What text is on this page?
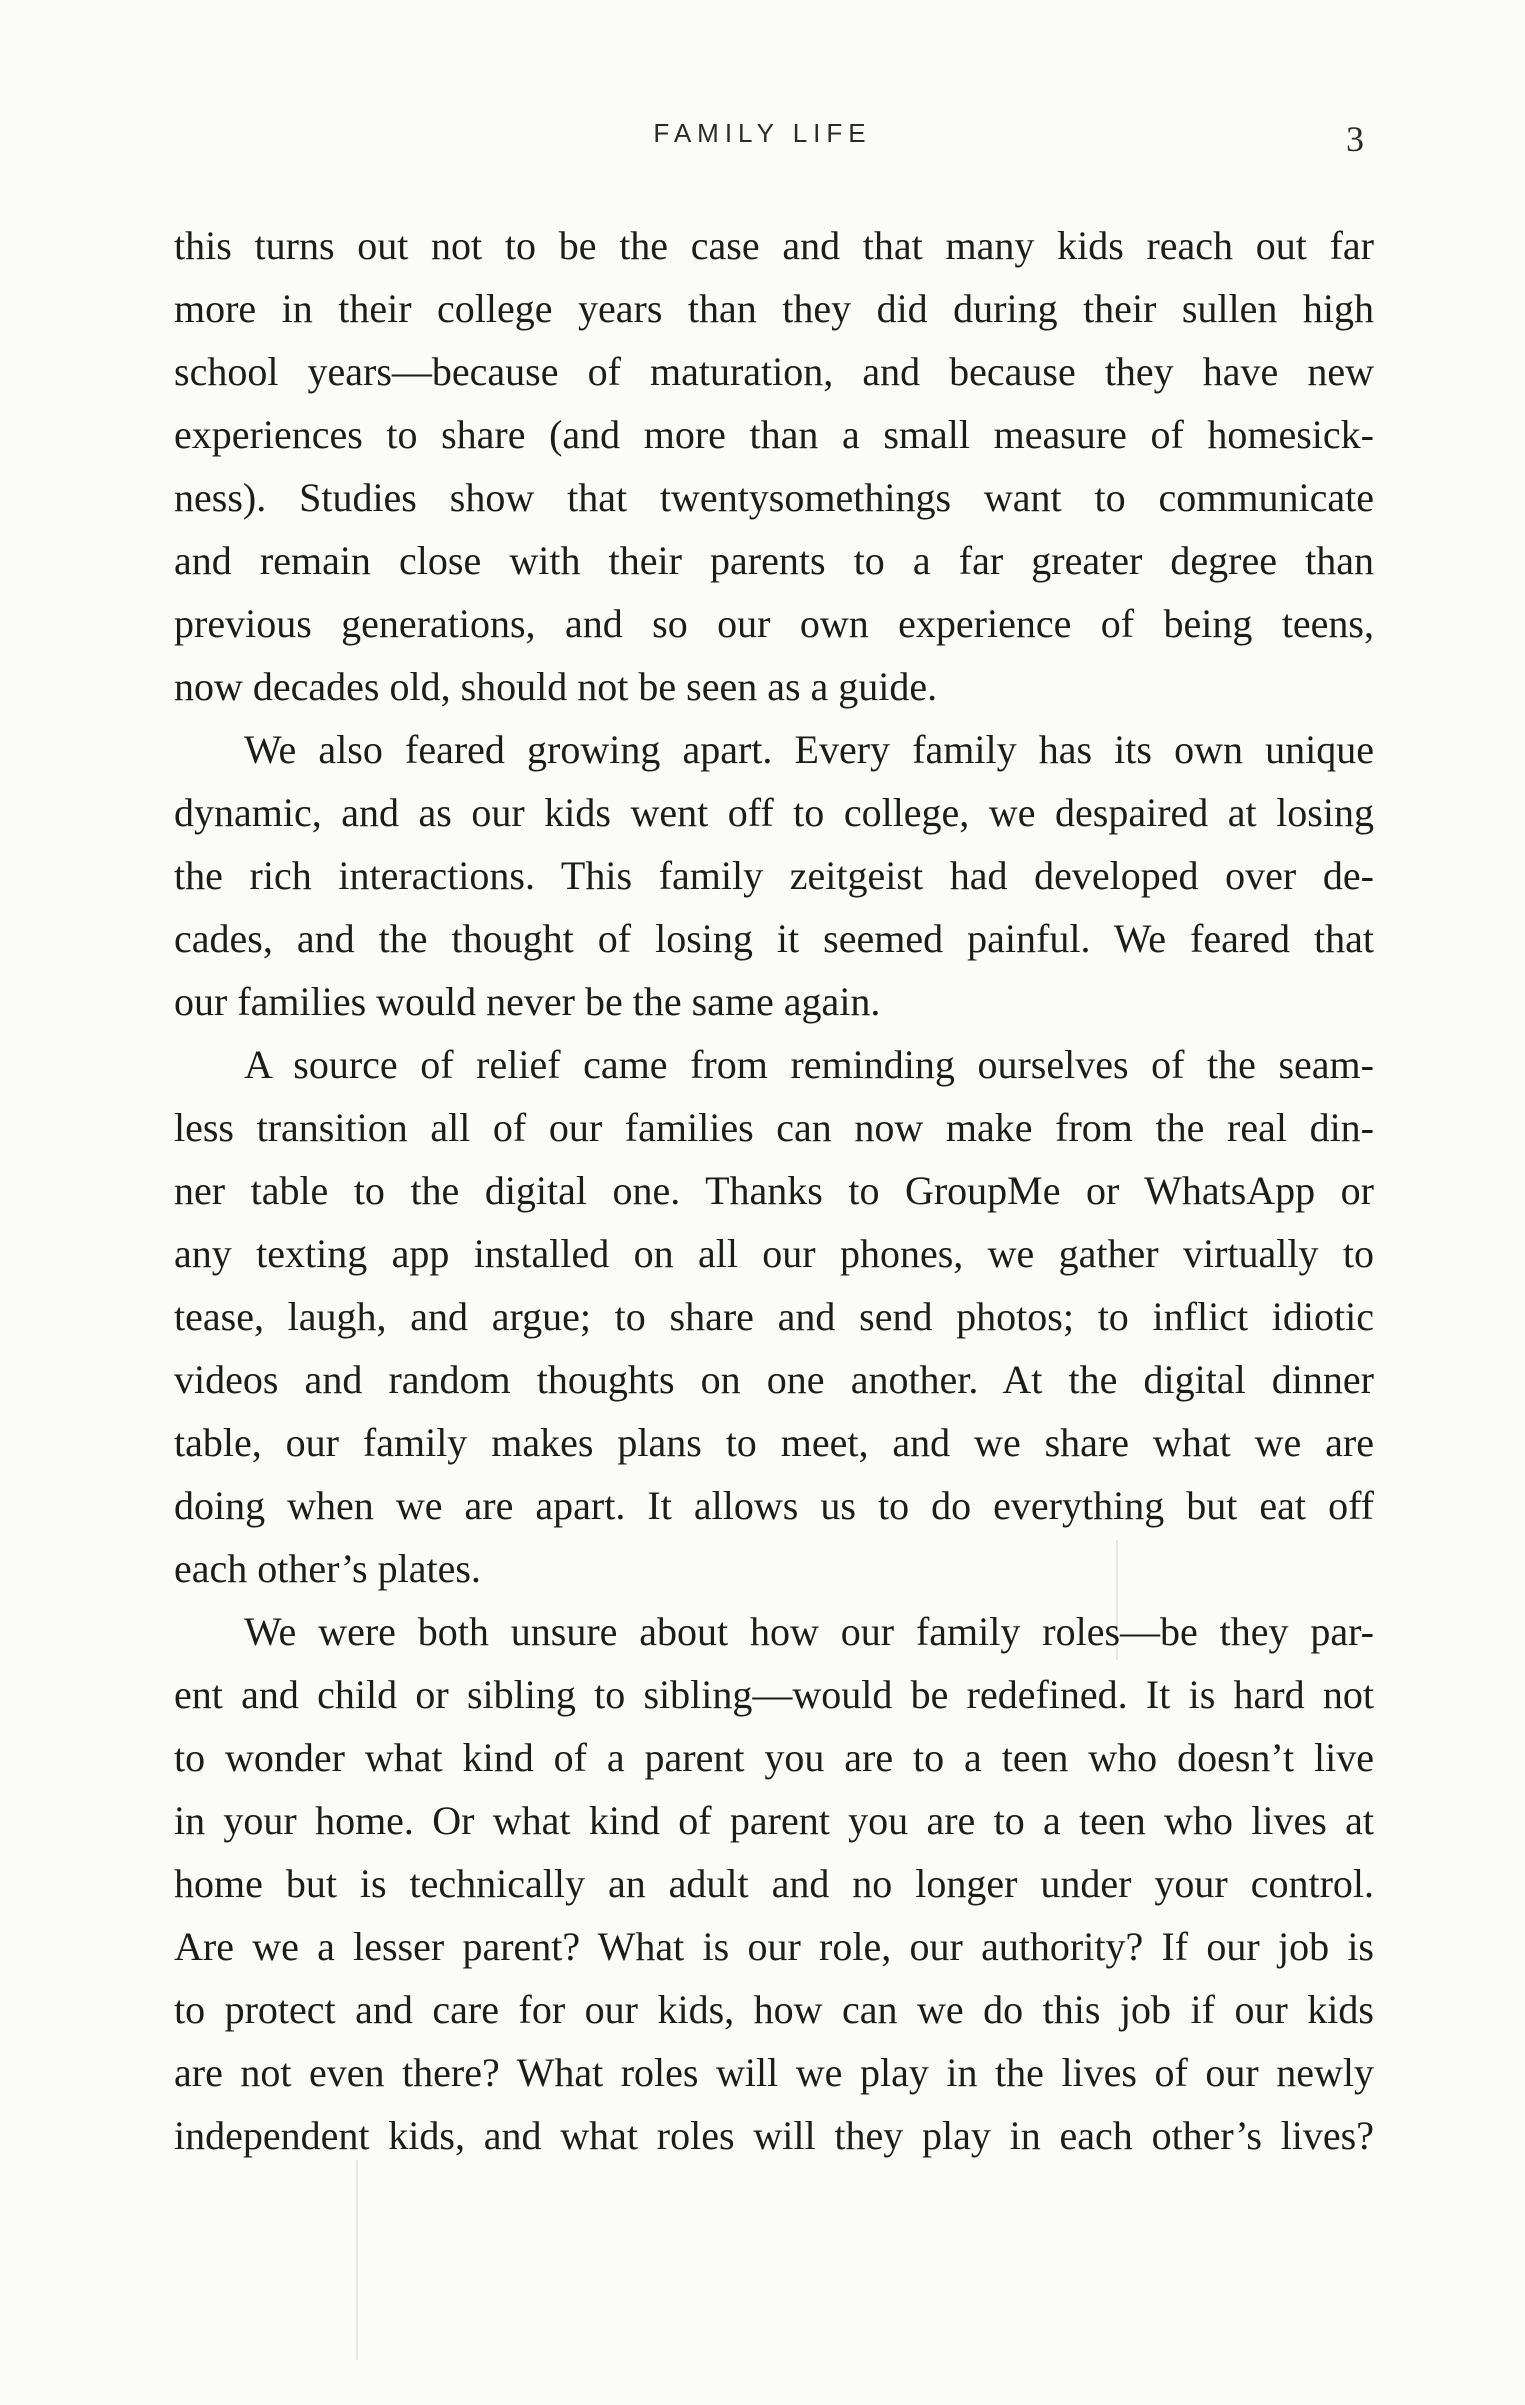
FAMILY LIFE	3
this turns out not to be the case and that many kids reach out far
more in their college years than they did during their sullen high
school years—because of maturation, and because they have new
experiences to share (and more than a small measure of homesick-
ness). Studies show that twentysomethings want to communicate
and remain close with their parents to a far greater degree than
previous generations, and so our own experience of being teens,
now decades old, should not be seen as a guide.
We also feared growing apart. Every family has its own unique
dynamic, and as our kids went off to college, we despaired at losing
the rich interactions. This family zeitgeist had developed over de-
cades, and the thought of losing it seemed painful. We feared that
our families would never be the same again.
A source of relief came from reminding ourselves of the seam-
less transition all of our families can now make from the real din-
ner table to the digital one. Thanks to GroupMe or WhatsApp or
any texting app installed on all our phones, we gather virtually to
tease, laugh, and argue; to share and send photos; to inflict idiotic
videos and random thoughts on one another. At the digital dinner
table, our family makes plans to meet, and we share what we are
doing when we are apart. It allows us to do everything but eat off
each other’s plates.
We were both unsure about how our family roles—be they par-
ent and child or sibling to sibling—would be redefined. It is hard not
to wonder what kind of a parent you are to a teen who doesn’t live
in your home. Or what kind of parent you are to a teen who lives at
home but is technically an adult and no longer under your control.
Are we a lesser parent? What is our role, our authority? If our job is
to protect and care for our kids, how can we do this job if our kids
are not even there? What roles will we play in the lives of our newly
independent kids, and what roles will they play in each other’s lives?
